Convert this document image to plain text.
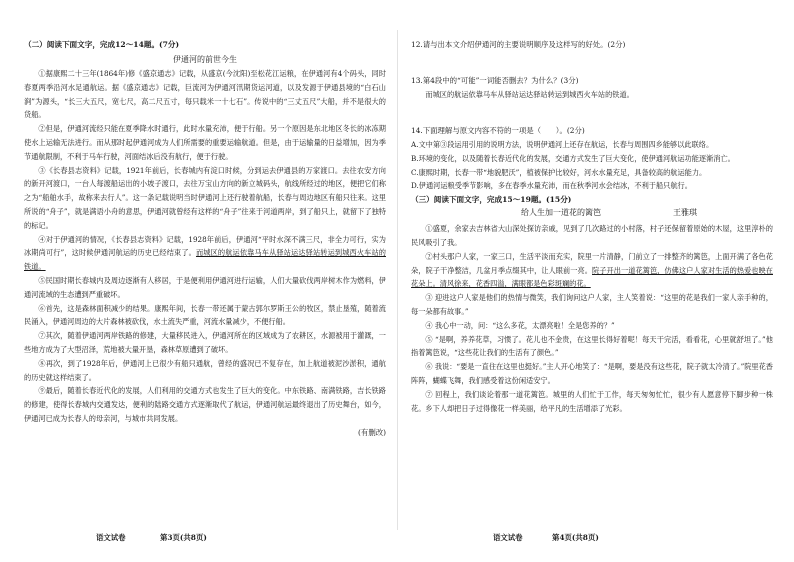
（二）阅读下面文字，完成12～14题。(7分)

伊通河的前世今生

①据康熙二十三年(1864年)修《盛京通志》记载，从盛京(今沈阳)至松花江运粮，在伊通河有4个码头，同时春夏两季沿河水足通航运。据《盛京通志》记载，巨流河为伊通河汛期货运河道，以及发源于伊通县境的“白石山涧”为源头，“长三大五尺，宽七尺，高二尺五寸，每只载米一十七石”。传说中的“三丈五尺”大船，并不是很大的货船。

②但是，伊通河流经只能在夏季降水时通行，此时水量充沛，便于行船。另一个原因是东北地区冬长的冰冻期使水上运输无法进行。而从那时起伊通河成为人们所需要的重要运输航道。但是，由于运输量的日益增加，因为季节通航限制，不利于马车行驶，河面结冰后没有航行，便于行驶。

③《长春县志资料》记载，1921年前后，长春城内有淀口时候，分到运去伊通县的万家渡口。去往农安方向的新开河渡口，一台人每渡船运出的小坡子渡口，去往万宝山方向的新立城码头，航线所经过的地区，便把它们称之为“船舶水手，故称来去行人”。这一条记载说明当时伊通河上还行驶着航船，长春与周边地区有船只往来。这里所说的“舟子”，就是满语小舟的意思，伊通河就曾经有这样的“舟子”往来于河道两岸，到了船只上，就留下了独特的标记。

④对于伊通河的情况，《长春县志资料》记载，1928年前后，伊通河“平时水深不满三尺，非全力可行，实为冰期尚可行”，这时候伊通河航运的历史已经结束了。而城区的航运依靠马车从驿站运达驿站转运到城西火车站的铁道。

⑤民国时期长春城内及周边逐渐有人移居，于是便利用伊通河进行运输，人们大量砍伐两岸树木作为燃料，伊通河流域的生态遭到严重破坏。

⑥首先，这是森林面积减少的结果。康熙年间，长春一带还属于蒙古郭尔罗斯王公的牧区，禁止垦殖，随着流民涌入，伊通河周边的大片森林被砍伐，水土流失严重，河流水量减少，不便行船。

⑦其次，随着伊通河两岸铁路的修建，大量移民进入，伊通河所在的区域成为了农耕区，水源被用于灌溉，一些地方成为了大型沼泽，荒地被大量开垦，森林草原遭到了破坏。

⑧再次，到了1928年后，伊通河上已很少有船只通航，曾经的盛况已不复存在，加上航道被泥沙淤积，通航的历史就这样结束了。

⑨最后，随着长春近代化的发展，人们利用的交通方式也发生了巨大的变化。中东铁路、南满铁路，吉长铁路的修建，使得长春城内交通发达，便利的陆路交通方式逐渐取代了航运，伊通河航运最终退出了历史舞台，如今，伊通河已成为长春人的母亲河，与城市共同发展。

(有删改)

12.请与出本文介绍伊通河的主要说明顺序及这样写的好处。(2分)

13.第4段中的“可能”一词能否删去？为什么？(3分)

而城区的航运依靠马车从驿站运达驿站转运到城西火车站的铁道。

14.下面理解与原文内容不符的一项是（　　）。(2分)

A.文中第③段运用引用的说明方法，说明伊通河上还存在航运，长春与周围四乡能够以此联络。

B.环境的变化，以及随着长春近代化的发展，交通方式发生了巨大变化，使伊通河航运功能逐渐消亡。

C.康熙时期，长春一带“地貌肥沃”，植被保护比较好，河水水量充足，具备较高的航运能力。

D.伊通河运粮受季节影响，多在春季水量充沛，而在秋季河水会结冰，不利于船只航行。

（三）阅读下面文字，完成15～19题。(15分)

给人生加一道花的篱笆	王雅琪

①盛夏，余家去吉林省大山深处探访亲戚，见到了几次路过的小村落，村子还保留着原始的木屋，这里淳朴的民风吸引了我。

②村头那户人家，一家三口，生活平淡而充实，院里一片清静，门前立了一排整齐的篱笆，上面开满了各色花朵，院子干净整洁，几盆月季点缀其中，让人眼前一亮。院子开出一道花篱笆，仿佛这户人家对生活的热爱也映在花朵上。清风徐来，花香四溢，满眼都是色彩斑斓的花。

③ 迎进这户人家是他们的热情与微笑，我们询问这户人家，主人笑着说：“这里的花是我们一家人亲手种的，每一朵都有故事。”

④ 我心中一动，问：“这么多花，太漂亮啦！全是您养的？”

⑤ “是啊，养养花草，习惯了。花儿也不金贵，在这里长得好着呢！每天干完活，看看花，心里就舒坦了。”他指着篱笆说，“这些花让我们的生活有了颜色。”

⑥ 我说：“要是一直住在这里也挺好。”主人开心地笑了：“是啊，要是没有这些花，院子就太冷清了。”院里花香阵阵，蝴蝶飞舞，我们感受着这份闲适安宁。

⑦ 回程上，我们谈论着那一道花篱笆。城里的人们忙于工作，每天匆匆忙忙，很少有人愿意停下脚步种一株花。乡下人却把日子过得像花一样美丽，给平凡的生活增添了光彩。

语文试卷	第3页(共8页)	语文试卷	第4页(共8页)
